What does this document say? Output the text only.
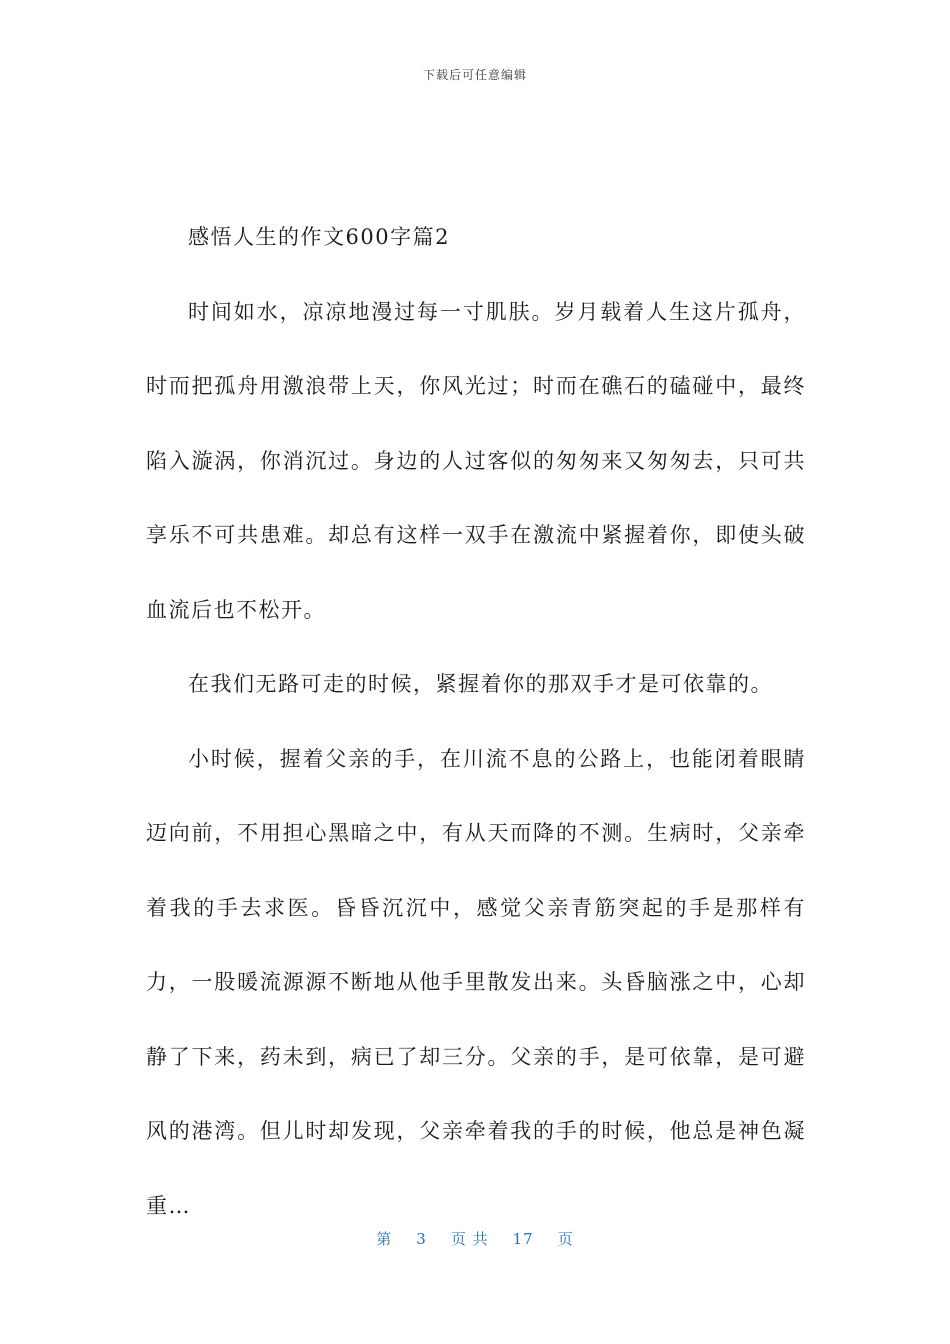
下载后可任意编辑

感悟人生的作文600字篇2

时间如水，凉凉地漫过每一寸肌肤。岁月载着人生这片孤舟，时而把孤舟用激浪带上天，你风光过；时而在礁石的磕碰中，最终陷入漩涡，你消沉过。身边的人过客似的匆匆来又匆匆去，只可共享乐不可共患难。却总有这样一双手在激流中紧握着你，即使头破血流后也不松开。

在我们无路可走的时候，紧握着你的那双手才是可依靠的。

小时候，握着父亲的手，在川流不息的公路上，也能闭着眼睛迈向前，不用担心黑暗之中，有从天而降的不测。生病时，父亲牵着我的手去求医。昏昏沉沉中，感觉父亲青筋突起的手是那样有力，一股暖流源源不断地从他手里散发出来。头昏脑涨之中，心却静了下来，药未到，病已了却三分。父亲的手，是可依靠，是可避风的港湾。但儿时却发现，父亲牵着我的手的时候，他总是神色凝重…

第 3 页 共 17 页
